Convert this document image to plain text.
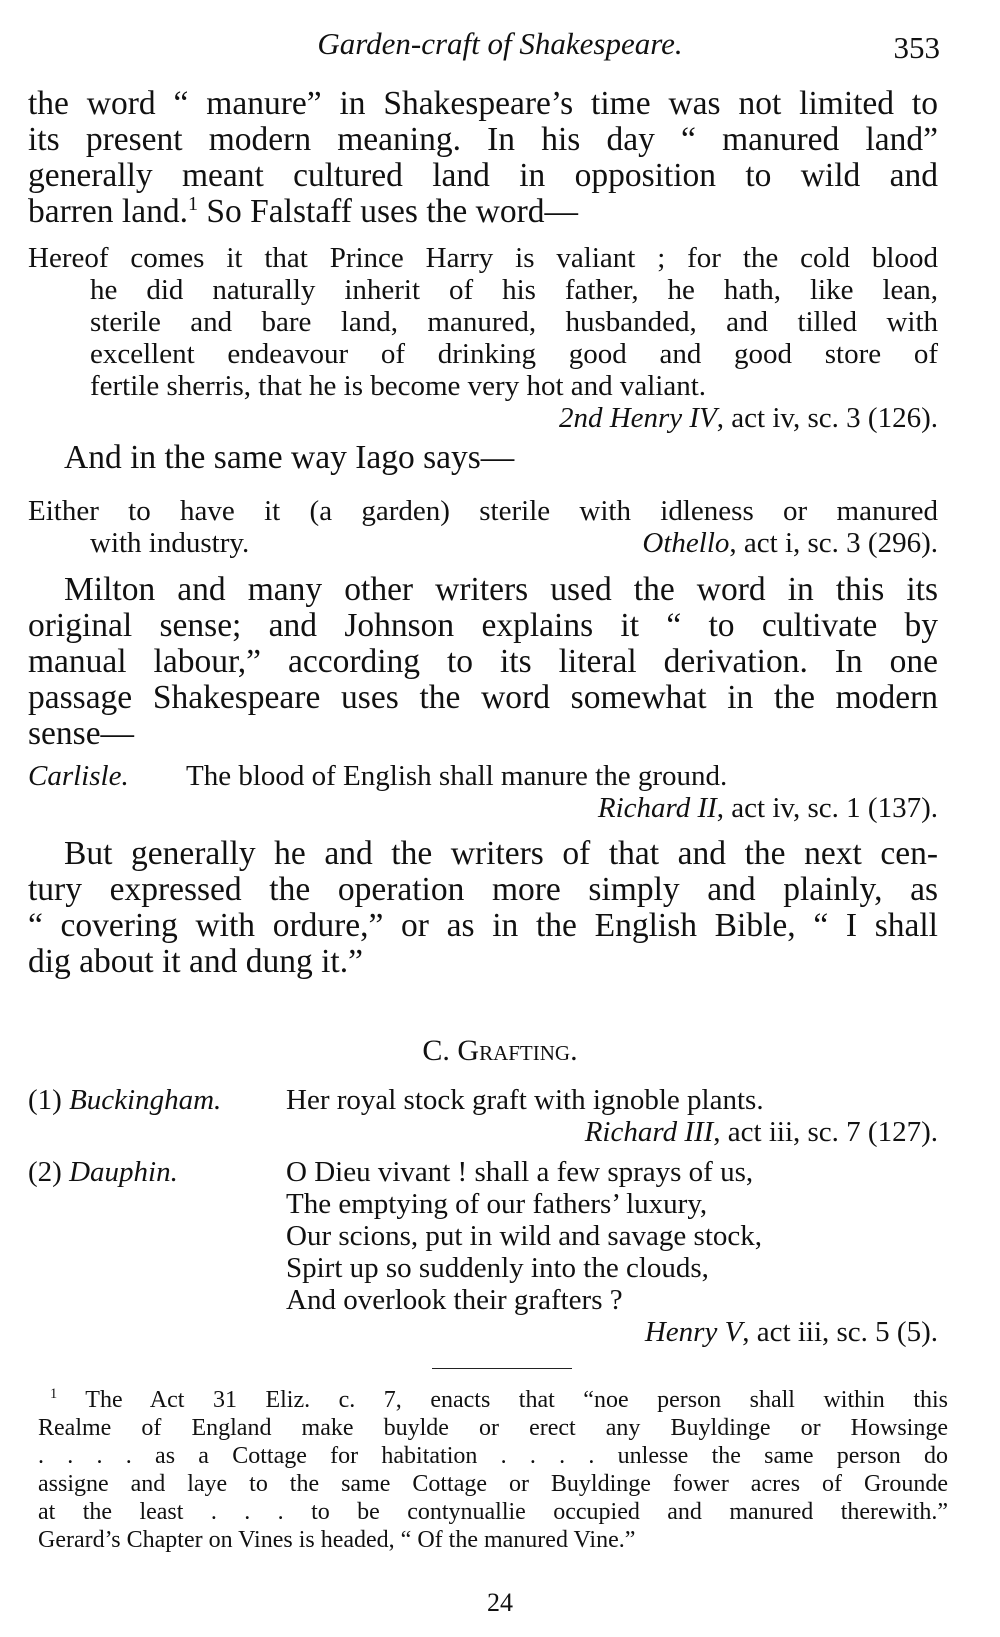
Garden-craft of Shakespeare.	353
the word “ manure” in Shakespeare’s time was not limited to
its present modern meaning. In his day “ manured land”
generally meant cultured land in opposition to wild and
barren land.$^1$ So Falstaff uses the word—
Hereof comes it that Prince Harry is valiant ; for the cold blood
he did naturally inherit of his father, he hath, like lean,
sterile and bare land, manured, husbanded, and tilled with
excellent endeavour of drinking good and good store of
fertile sherris, that he is become very hot and valiant.
2nd Henry IV, act iv, sc. 3 (126).
And in the same way Iago says—
Either to have it (a garden) sterile with idleness or manured
with industry.	Othello, act i, sc. 3 (296).
Milton and many other writers used the word in this its
original sense; and Johnson explains it “ to cultivate by
manual labour,” according to its literal derivation. In one
passage Shakespeare uses the word somewhat in the modern
sense—
Carlisle.	The blood of English shall manure the ground.
Richard II, act iv, sc. 1 (137).
But generally he and the writers of that and the next cen-
tury expressed the operation more simply and plainly, as
“ covering with ordure,” or as in the English Bible, “ I shall
dig about it and dung it.”
C. Grafting.
(1) Buckingham.	Her royal stock graft with ignoble plants.
Richard III, act iii, sc. 7 (127).
(2) Dauphin.	O Dieu vivant ! shall a few sprays of us,
The emptying of our fathers’ luxury,
Our scions, put in wild and savage stock,
Spirt up so suddenly into the clouds,
And overlook their grafters ?
Henry V, act iii, sc. 5 (5).
$^1$ The Act 31 Eliz. c. 7, enacts that “noe person shall within this
Realme of England make buylde or erect any Buyldinge or Howsinge
. . . . as a Cottage for habitation . . . . unlesse the same person do
assigne and laye to the same Cottage or Buyldinge fower acres of Grounde
at the least . . . to be contynuallie occupied and manured therewith.”
Gerard’s Chapter on Vines is headed, “ Of the manured Vine.”
24
